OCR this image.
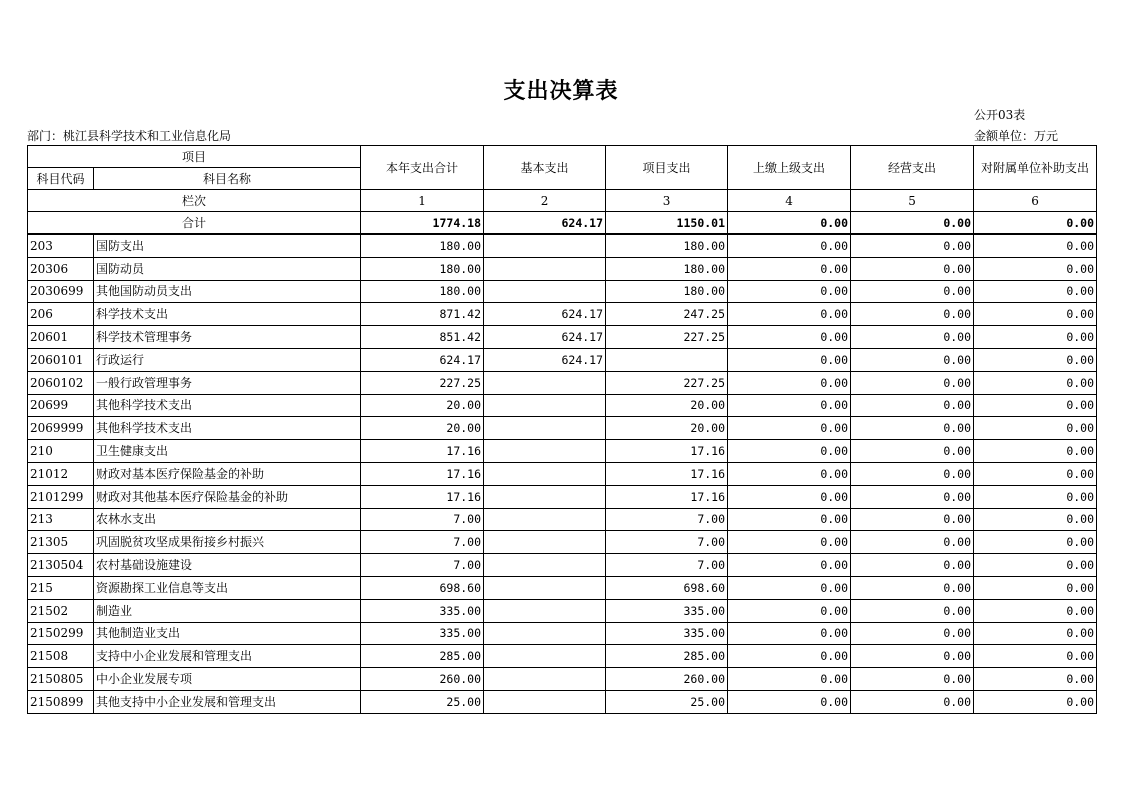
支出决算表
公开03表
部门：桃江县科学技术和工业信息化局	金额单位：万元
项目		本年支出合计	基本支出	项目支出	上缴上级支出	经营支出	对附属单位补助支出
科目代码	科目名称						
栏次		1	2	3	4	5	6
合计		1774.18	624.17	1150.01	0.00	0.00	0.00
203	国防支出	180.00		180.00	0.00	0.00	0.00
20306	国防动员	180.00		180.00	0.00	0.00	0.00
2030699	其他国防动员支出	180.00		180.00	0.00	0.00	0.00
206	科学技术支出	871.42	624.17	247.25	0.00	0.00	0.00
20601	科学技术管理事务	851.42	624.17	227.25	0.00	0.00	0.00
2060101	行政运行	624.17	624.17		0.00	0.00	0.00
2060102	一般行政管理事务	227.25		227.25	0.00	0.00	0.00
20699	其他科学技术支出	20.00		20.00	0.00	0.00	0.00
2069999	其他科学技术支出	20.00		20.00	0.00	0.00	0.00
210	卫生健康支出	17.16		17.16	0.00	0.00	0.00
21012	财政对基本医疗保险基金的补助	17.16		17.16	0.00	0.00	0.00
2101299	财政对其他基本医疗保险基金的补助	17.16		17.16	0.00	0.00	0.00
213	农林水支出	7.00		7.00	0.00	0.00	0.00
21305	巩固脱贫攻坚成果衔接乡村振兴	7.00		7.00	0.00	0.00	0.00
2130504	农村基础设施建设	7.00		7.00	0.00	0.00	0.00
215	资源勘探工业信息等支出	698.60		698.60	0.00	0.00	0.00
21502	制造业	335.00		335.00	0.00	0.00	0.00
2150299	其他制造业支出	335.00		335.00	0.00	0.00	0.00
21508	支持中小企业发展和管理支出	285.00		285.00	0.00	0.00	0.00
2150805	中小企业发展专项	260.00		260.00	0.00	0.00	0.00
2150899	其他支持中小企业发展和管理支出	25.00		25.00	0.00	0.00	0.00
